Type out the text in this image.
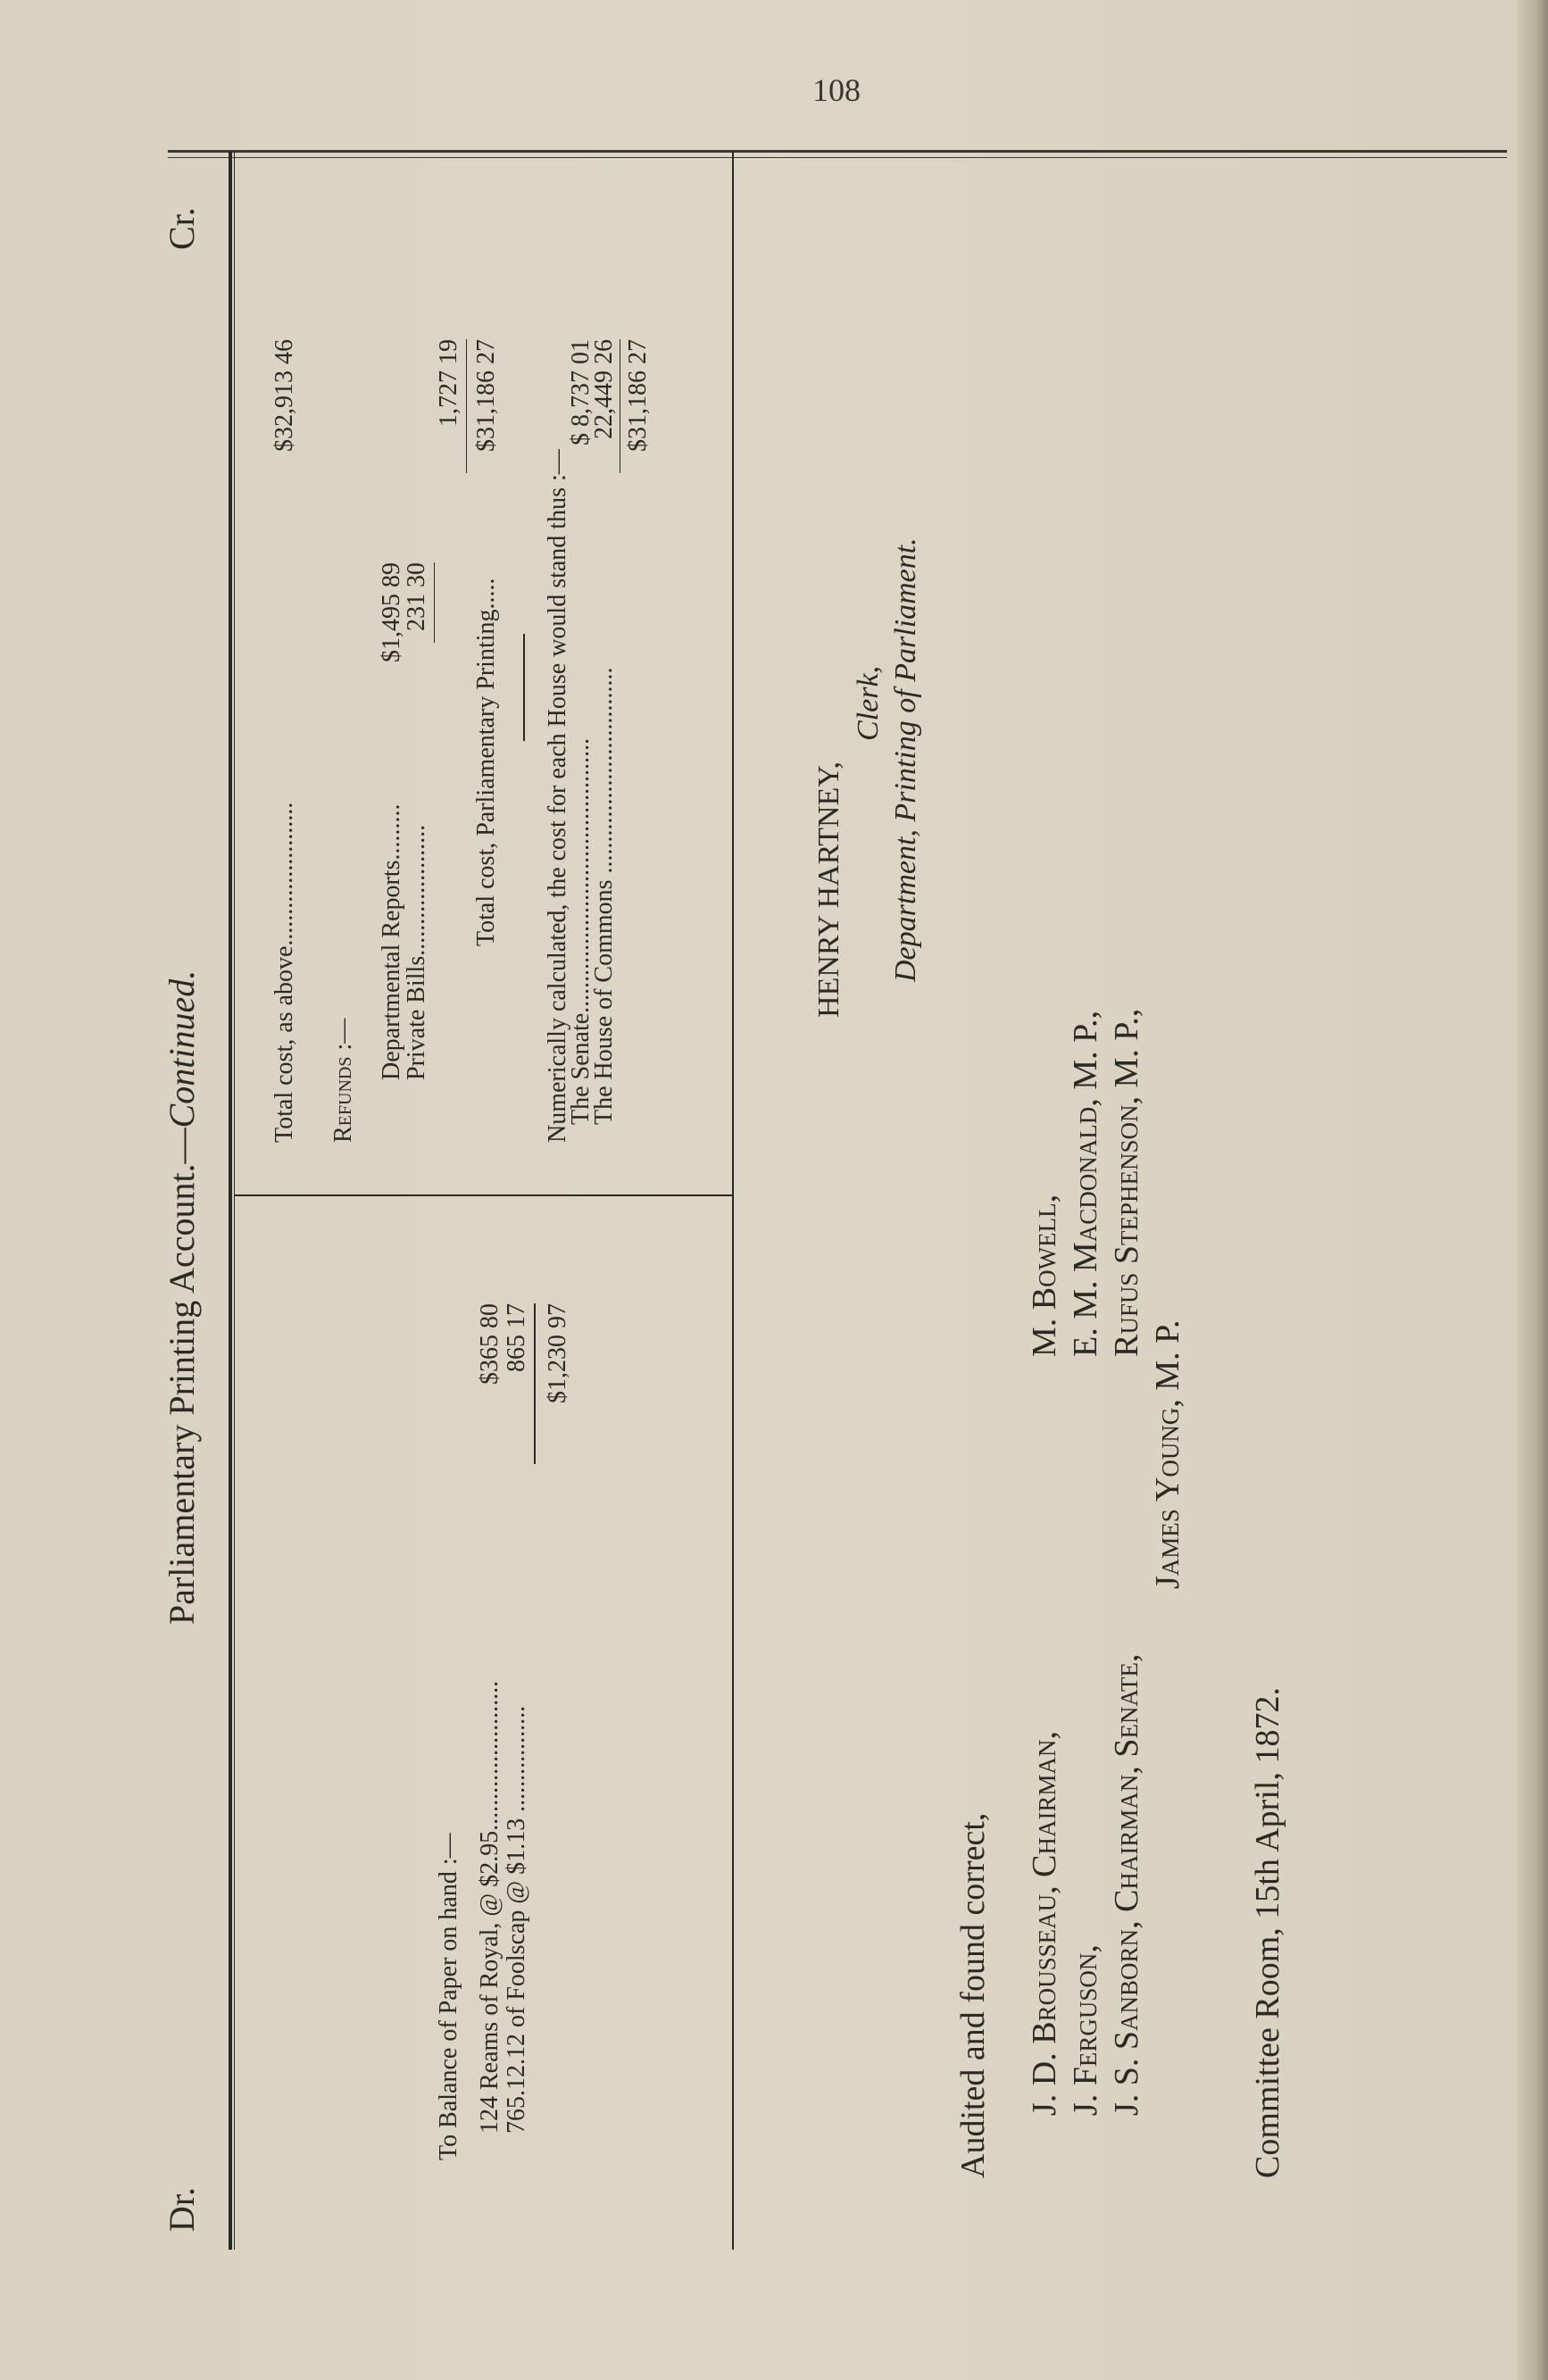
108
Dr.
Parliamentary Printing Account.—Continued.
Cr.
To Balance of Paper on hand :— 124 Reams of Royal, @ $2.95........................
$365 80
765.12.12 of Foolscap @ $1.13 .................
865 17 $1,230 97
Total cost, as above.......................
$32,913 46
Refunds :—
Departmental Reports.........
$1,495 89
Private Bills.....................
231 30
1,727 19
Total cost, Parliamentary Printing.....
$31,186 27
Numerically calculated, the cost for each House would stand thus :—
The Senate............................................
$ 8,737 01
The House of Commons .................................
22,449 26 $31,186 27
HENRY HARTNEY,
Clerk, Department, Printing of Parliament.
Audited and found correct, J. D. Brousseau, Chairman, J. Ferguson, J. S. Sanborn, Chairman, Senate,
M. Bowell, E. M. Macdonald, M. P., Rufus Stephenson, M. P.,
James Young, M. P.
Committee Room, 15th April, 1872.
